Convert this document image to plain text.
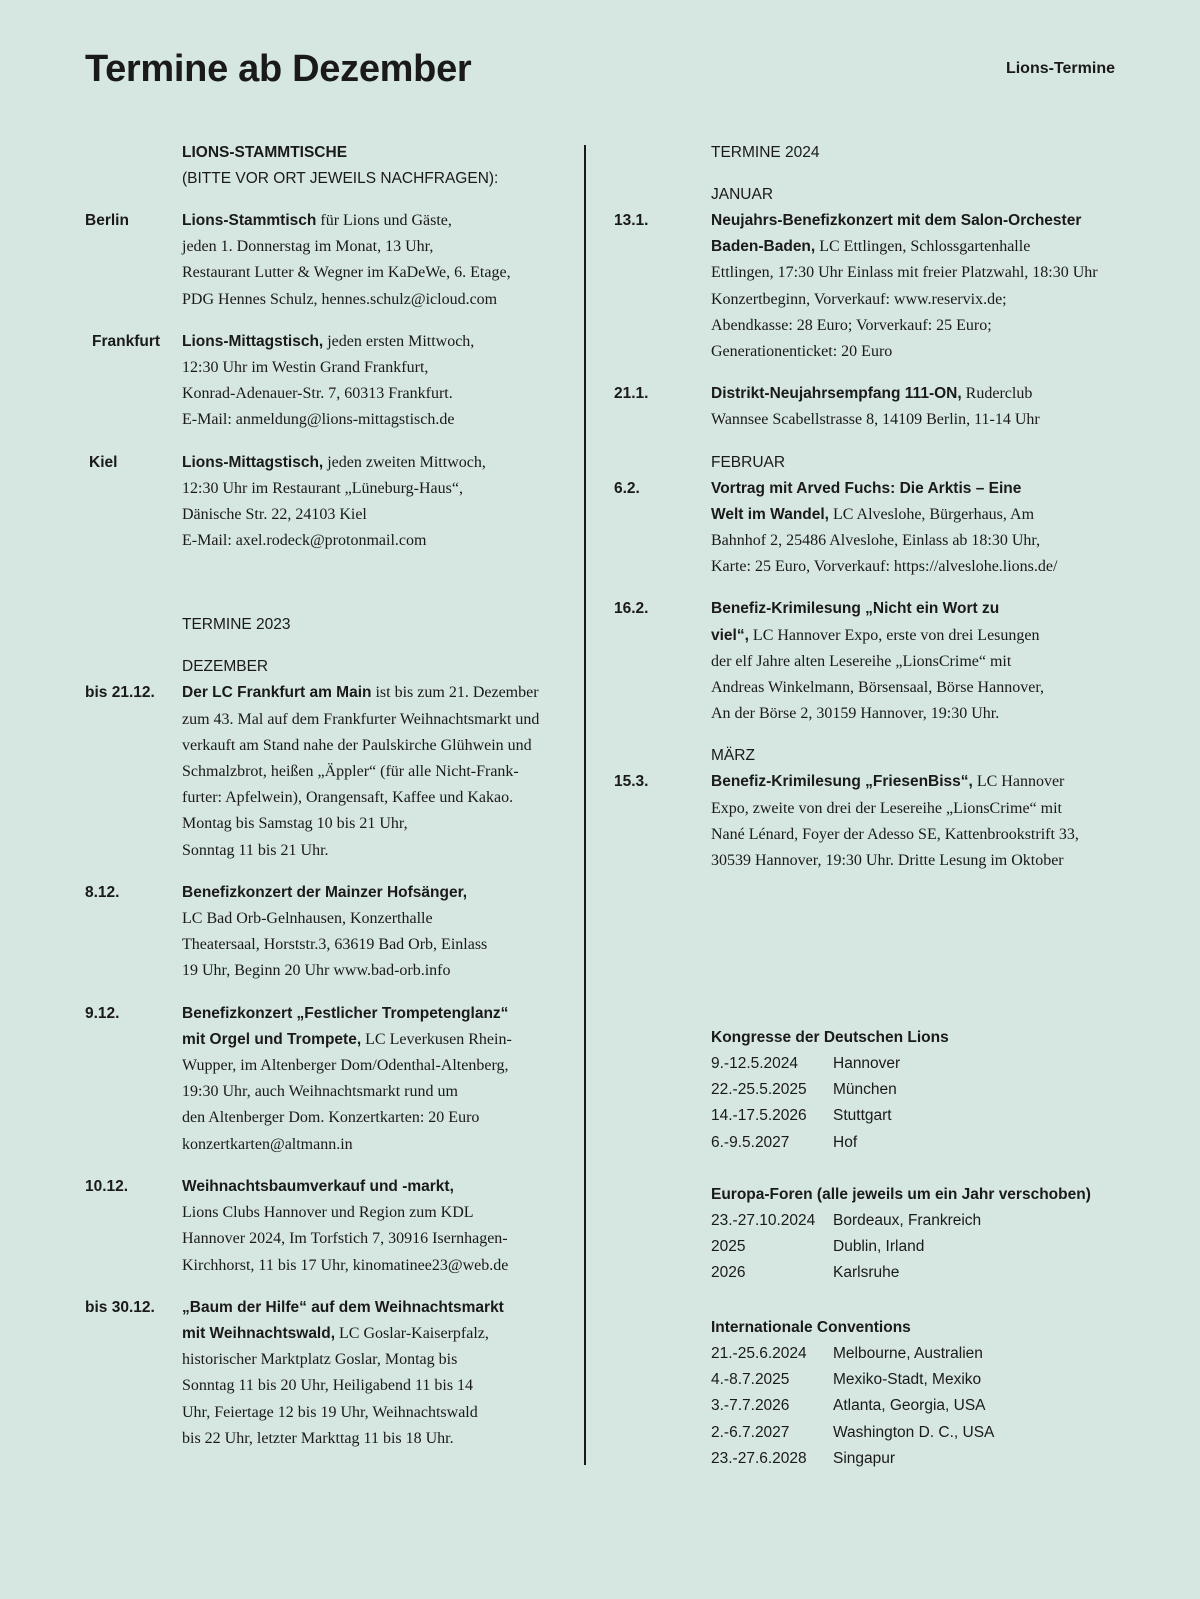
Termine ab Dezember	Lions-Termine
LIONS-STAMMTISCHE
(BITTE VOR ORT JEWEILS NACHFRAGEN):
Berlin	Lions-Stammtisch für Lions und Gäste,
jeden 1. Donnerstag im Monat, 13 Uhr,
Restaurant Lutter & Wegner im KaDeWe, 6. Etage,
PDG Hennes Schulz, hennes.schulz@icloud.com
Frankfurt Lions-Mittagstisch, jeden ersten Mittwoch,
12:30 Uhr im Westin Grand Frankfurt,
Konrad-Adenauer-Str. 7, 60313 Frankfurt.
E-Mail: anmeldung@lions-mittagstisch.de
Kiel	Lions-Mittagstisch, jeden zweiten Mittwoch,
12:30 Uhr im Restaurant „Lüneburg-Haus“,
Dänische Str. 22, 24103 Kiel
E-Mail: axel.rodeck@protonmail.com
TERMINE 2023
DEZEMBER
bis 21.12. Der LC Frankfurt am Main ist bis zum 21. Dezember
zum 43. Mal auf dem Frankfurter Weihnachtsmarkt und
verkauft am Stand nahe der Paulskirche Glühwein und
Schmalzbrot, heißen „Äppler“ (für alle Nicht-Frank-
furter: Apfelwein), Orangensaft, Kaffee und Kakao.
Montag bis Samstag 10 bis 21 Uhr,
Sonntag 11 bis 21 Uhr.
8.12.	Benefizkonzert der Mainzer Hofsänger,
LC Bad Orb-Gelnhausen, Konzerthalle
Theatersaal, Horststr.3, 63619 Bad Orb, Einlass
19 Uhr, Beginn 20 Uhr www.bad-orb.info
9.12.	Benefizkonzert „Festlicher Trompetenglanz“
mit Orgel und Trompete, LC Leverkusen Rhein-
Wupper, im Altenberger Dom/Odenthal-Altenberg,
19:30 Uhr, auch Weihnachtsmarkt rund um
den Altenberger Dom. Konzertkarten: 20 Euro
konzertkarten@altmann.in
10.12.	Weihnachtsbaumverkauf und -markt,
Lions Clubs Hannover und Region zum KDL
Hannover 2024, Im Torfstich 7, 30916 Isernhagen-
Kirchhorst, 11 bis 17 Uhr, kinomatinee23@web.de
bis 30.12. „Baum der Hilfe“ auf dem Weihnachtsmarkt
mit Weihnachtswald, LC Goslar-Kaiserpfalz,
historischer Marktplatz Goslar, Montag bis
Sonntag 11 bis 20 Uhr, Heiligabend 11 bis 14
Uhr, Feiertage 12 bis 19 Uhr, Weihnachtswald
bis 22 Uhr, letzter Markttag 11 bis 18 Uhr.
TERMINE 2024
JANUAR
13.1.	Neujahrs-Benefizkonzert mit dem Salon-Orchester
Baden-Baden, LC Ettlingen, Schlossgartenhalle
Ettlingen, 17:30 Uhr Einlass mit freier Platzwahl, 18:30 Uhr
Konzertbeginn, Vorverkauf: www.reservix.de;
Abendkasse: 28 Euro; Vorverkauf: 25 Euro;
Generationenticket: 20 Euro
21.1.	Distrikt-Neujahrsempfang 111-ON, Ruderclub
Wannsee Scabellstrasse 8, 14109 Berlin, 11-14 Uhr
FEBRUAR
6.2.	Vortrag mit Arved Fuchs: Die Arktis – Eine
Welt im Wandel, LC Alveslohe, Bürgerhaus, Am
Bahnhof 2, 25486 Alveslohe, Einlass ab 18:30 Uhr,
Karte: 25 Euro, Vorverkauf: https://alveslohe.lions.de/
16.2.	Benefiz-Krimilesung „Nicht ein Wort zu
viel“, LC Hannover Expo, erste von drei Lesungen
der elf Jahre alten Lesereihe „LionsCrime“ mit
Andreas Winkelmann, Börsensaal, Börse Hannover,
An der Börse 2, 30159 Hannover, 19:30 Uhr.
MÄRZ
15.3.	Benefiz-Krimilesung „FriesenBiss“, LC Hannover
Expo, zweite von drei der Lesereihe „LionsCrime“ mit
Nané Lénard, Foyer der Adesso SE, Kattenbrookstrift 33,
30539 Hannover, 19:30 Uhr. Dritte Lesung im Oktober
Kongresse der Deutschen Lions
9.-12.5.2024 Hannover
22.-25.5.2025 München
14.-17.5.2026 Stuttgart
6.-9.5.2027	Hof
Europa-Foren (alle jeweils um ein Jahr verschoben)
23.-27.10.2024 Bordeaux, Frankreich
2025	Dublin, Irland
2026	Karlsruhe
Internationale Conventions
21.-25.6.2024 Melbourne, Australien
4.-8.7.2025	Mexiko-Stadt, Mexiko
3.-7.7.2026	Atlanta, Georgia, USA
2.-6.7.2027	Washington D. C., USA
23.-27.6.2028 Singapur
